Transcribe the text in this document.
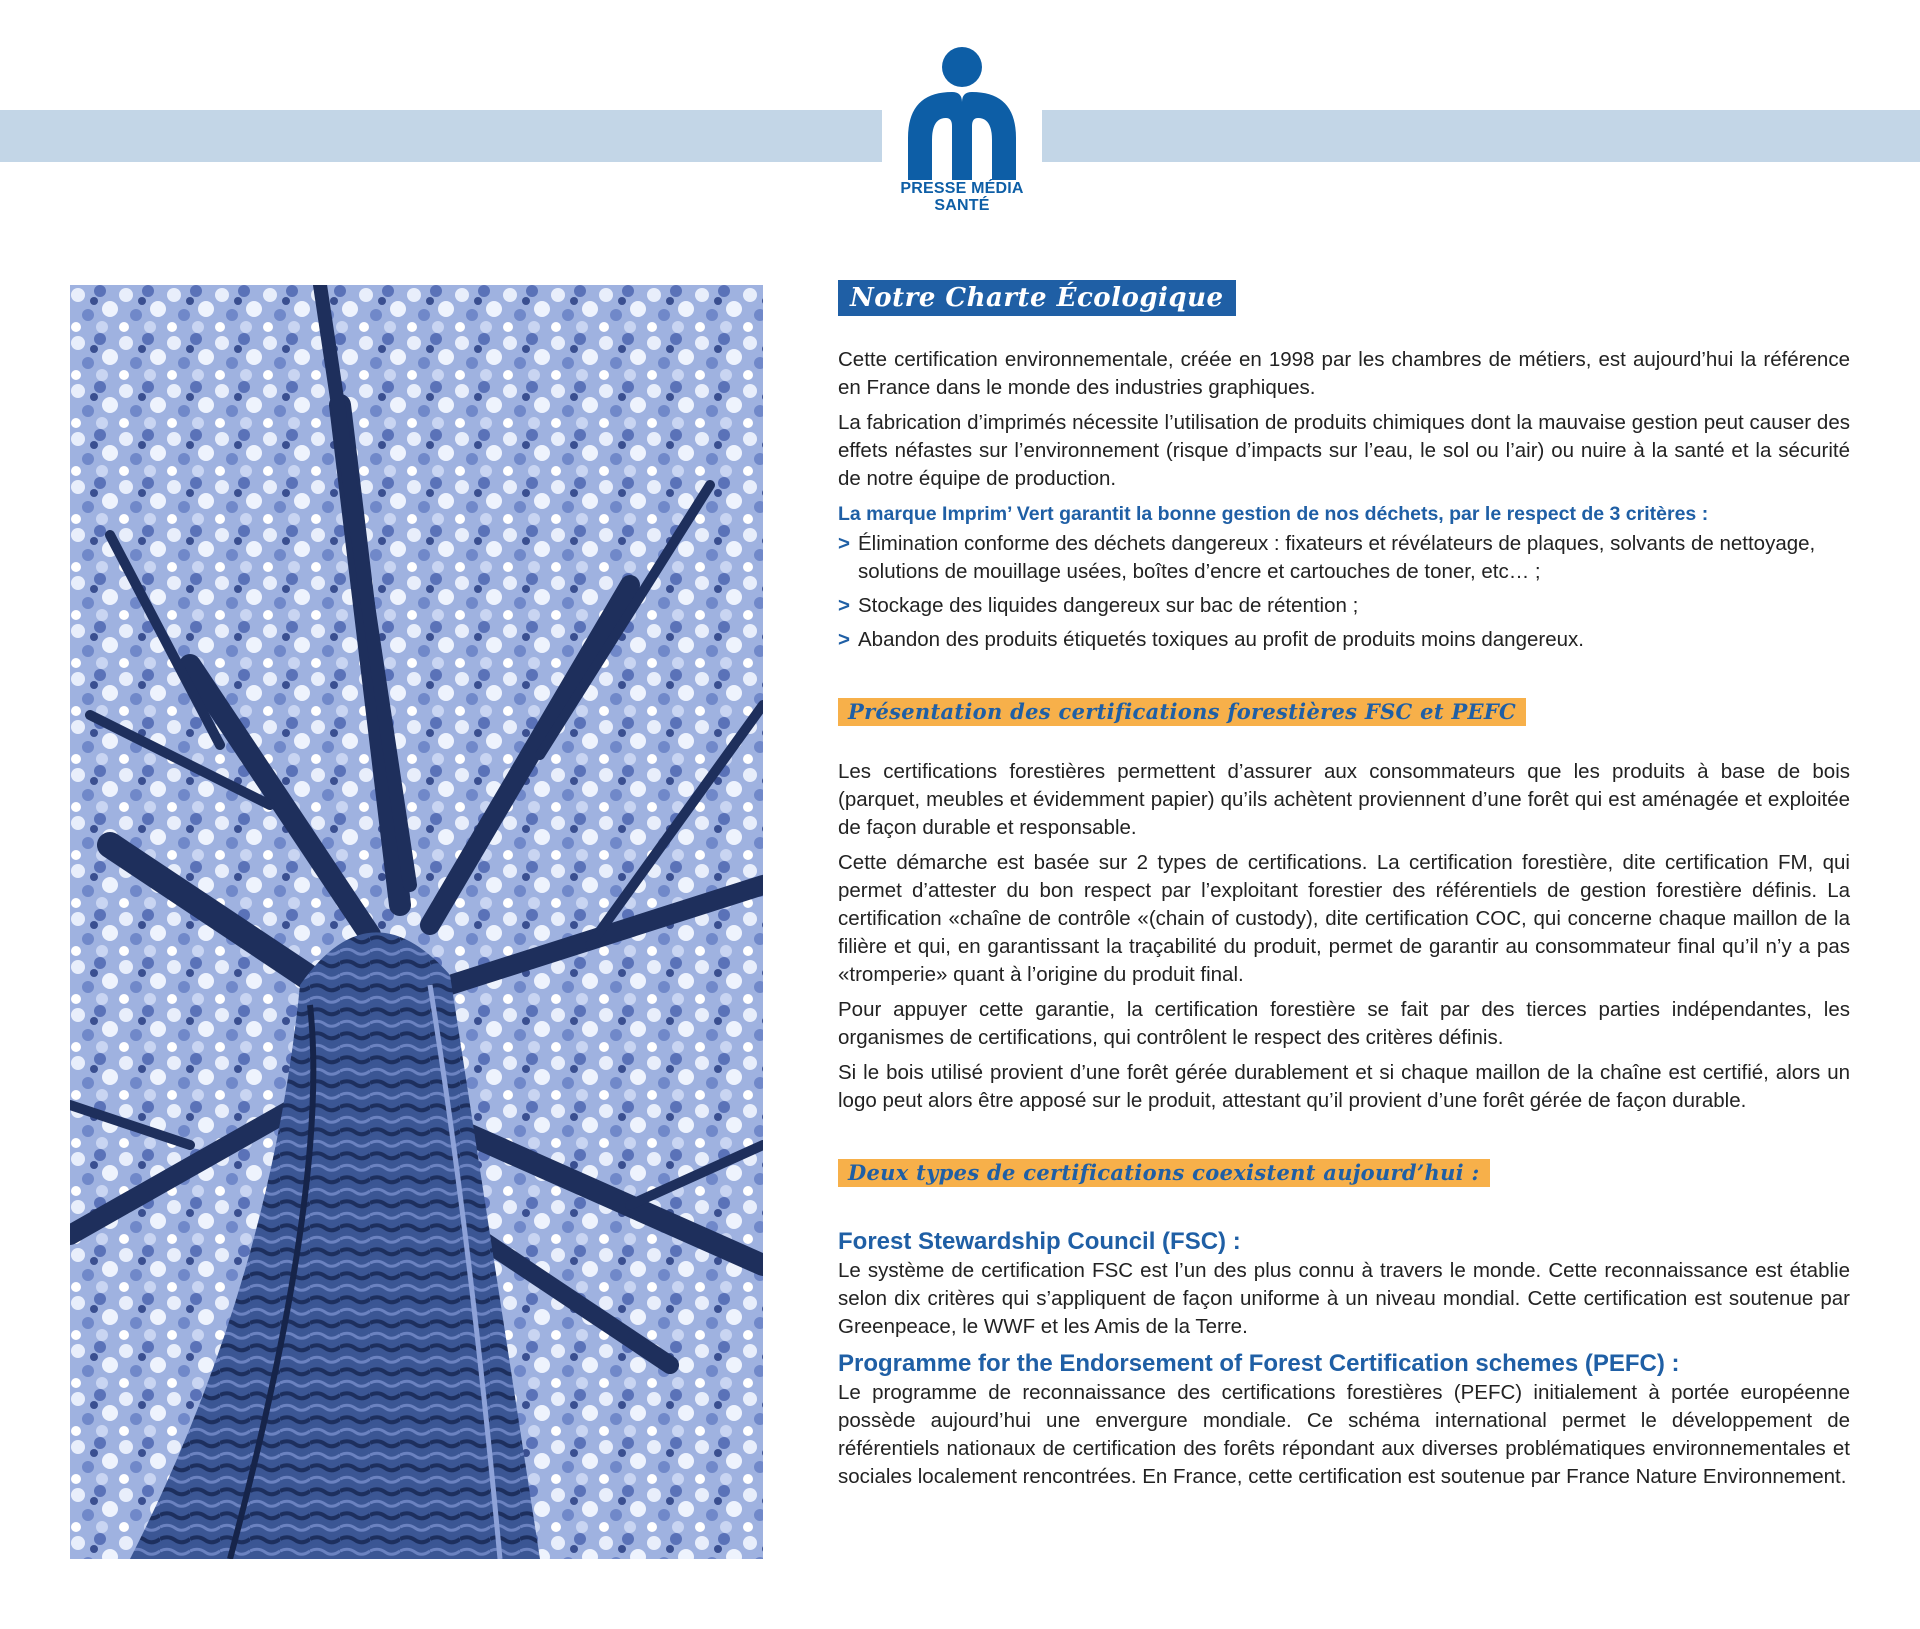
PRESSE MÉDIA
SANTÉ
Notre Charte Écologique

Cette certification environnementale, créée en 1998 par les chambres de métiers, est aujourd’hui la référence en France dans le monde des industries graphiques.

La fabrication d’imprimés nécessite l’utilisation de produits chimiques dont la mauvaise gestion peut causer des effets néfastes sur l’environnement (risque d’impacts sur l’eau, le sol ou l’air) ou nuire à la santé et la sécurité de notre équipe de production.

La marque Imprim’ Vert garantit la bonne gestion de nos déchets, par le respect de 3 critères :
> Élimination conforme des déchets dangereux : fixateurs et révélateurs de plaques, solvants de nettoyage, solutions de mouillage usées, boîtes d’encre et cartouches de toner, etc… ;
> Stockage des liquides dangereux sur bac de rétention ;
> Abandon des produits étiquetés toxiques au profit de produits moins dangereux.
Présentation des certifications forestières FSC et PEFC

Les certifications forestières permettent d’assurer aux consommateurs que les produits à base de bois (parquet, meubles et évidemment papier) qu’ils achètent proviennent d’une forêt qui est aménagée et exploitée de façon durable et responsable.

Cette démarche est basée sur 2 types de certifications. La certification forestière, dite certification FM, qui permet d’attester du bon respect par l’exploitant forestier des référentiels de gestion forestière définis. La certification «chaîne de contrôle «(chain of custody), dite certification COC, qui concerne chaque maillon de la filière et qui, en garantissant la traçabilité du produit, permet de garantir au consommateur final qu’il n’y a pas «tromperie» quant à l’origine du produit final.

Pour appuyer cette garantie, la certification forestière se fait par des tierces parties indépendantes, les organismes de certifications, qui contrôlent le respect des critères définis.

Si le bois utilisé provient d’une forêt gérée durablement et si chaque maillon de la chaîne est certifié, alors un logo peut alors être apposé sur le produit, attestant qu’il provient d’une forêt gérée de façon durable.

Deux types de certifications coexistent aujourd’hui :
Forest Stewardship Council (FSC) :

Le système de certification FSC est l’un des plus connu à travers le monde. Cette reconnaissance est établie selon dix critères qui s’appliquent de façon uniforme à un niveau mondial. Cette certification est soutenue par Greenpeace, le WWF et les Amis de la Terre.

Programme for the Endorsement of Forest Certification schemes (PEFC) :

Le programme de reconnaissance des certifications forestières (PEFC) initialement à portée européenne possède aujourd’hui une envergure mondiale. Ce schéma international permet le développement de référentiels nationaux de certification des forêts répondant aux diverses problématiques environnementales et sociales localement rencontrées. En France, cette certification est soutenue par France Nature Environnement.
